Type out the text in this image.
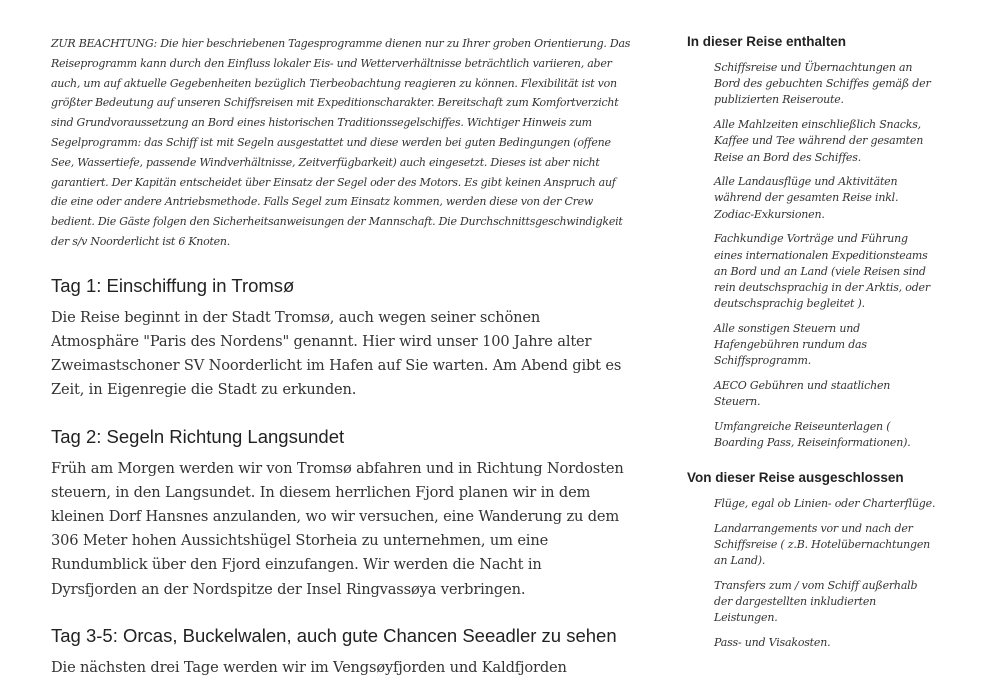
ZUR BEACHTUNG: Die hier beschriebenen Tagesprogramme dienen nur zu Ihrer groben Orientierung. Das Reiseprogramm kann durch den Einfluss lokaler Eis- und Wetterverhältnisse beträchtlich variieren, aber auch, um auf aktuelle Gegebenheiten bezüglich Tierbeobachtung reagieren zu können. Flexibilität ist von größter Bedeutung auf unseren Schiffsreisen mit Expeditionscharakter. Bereitschaft zum Komfortverzicht sind Grundvoraussetzung an Bord eines historischen Traditionssegelschiffes. Wichtiger Hinweis zum Segelprogramm: das Schiff ist mit Segeln ausgestattet und diese werden bei guten Bedingungen (offene See, Wassertiefe, passende Windverhältnisse, Zeitverfügbarkeit) auch eingesetzt. Dieses ist aber nicht garantiert. Der Kapitän entscheidet über Einsatz der Segel oder des Motors. Es gibt keinen Anspruch auf die eine oder andere Antriebsmethode. Falls Segel zum Einsatz kommen, werden diese von der Crew bedient. Die Gäste folgen den Sicherheitsanweisungen der Mannschaft. Die Durchschnittsgeschwindigkeit der s/v Noorderlicht ist 6 Knoten.

Tag 1: Einschiffung in Tromsø

Die Reise beginnt in der Stadt Tromsø, auch wegen seiner schönen Atmosphäre "Paris des Nordens" genannt. Hier wird unser 100 Jahre alter Zweimastschoner SV Noorderlicht im Hafen auf Sie warten. Am Abend gibt es Zeit, in Eigenregie die Stadt zu erkunden.

Tag 2: Segeln Richtung Langsundet

Früh am Morgen werden wir von Tromsø abfahren und in Richtung Nordosten steuern, in den Langsundet. In diesem herrlichen Fjord planen wir in dem kleinen Dorf Hansnes anzulanden, wo wir versuchen, eine Wanderung zu dem 306 Meter hohen Aussichtshügel Storheia zu unternehmen, um eine Rundumblick über den Fjord einzufangen. Wir werden die Nacht in Dyrsfjorden an der Nordspitze der Insel Ringvassøya verbringen.

Tag 3-5: Orcas, Buckelwalen, auch gute Chancen Seeadler zu sehen

Die nächsten drei Tage werden wir im Vengsøyfjorden und Kaldfjorden

In dieser Reise enthalten
Schiffsreise und Übernachtungen an Bord des gebuchten Schiffes gemäß der publizierten Reiseroute.
Alle Mahlzeiten einschließlich Snacks, Kaffee und Tee während der gesamten Reise an Bord des Schiffes.
Alle Landausflüge und Aktivitäten während der gesamten Reise inkl. Zodiac-Exkursionen.
Fachkundige Vorträge und Führung eines internationalen Expeditionsteams an Bord und an Land (viele Reisen sind rein deutschsprachig in der Arktis, oder deutschsprachig begleitet ).
Alle sonstigen Steuern und Hafengebühren rundum das Schiffsprogramm.
AECO Gebühren und staatlichen Steuern.
Umfangreiche Reiseunterlagen ( Boarding Pass, Reiseinformationen).
Von dieser Reise ausgeschlossen
Flüge, egal ob Linien- oder Charterflüge.
Landarrangements vor und nach der Schiffsreise ( z.B. Hotelübernachtungen an Land).
Transfers zum / vom Schiff außerhalb der dargestellten inkludierten Leistungen.
Pass- und Visakosten.
